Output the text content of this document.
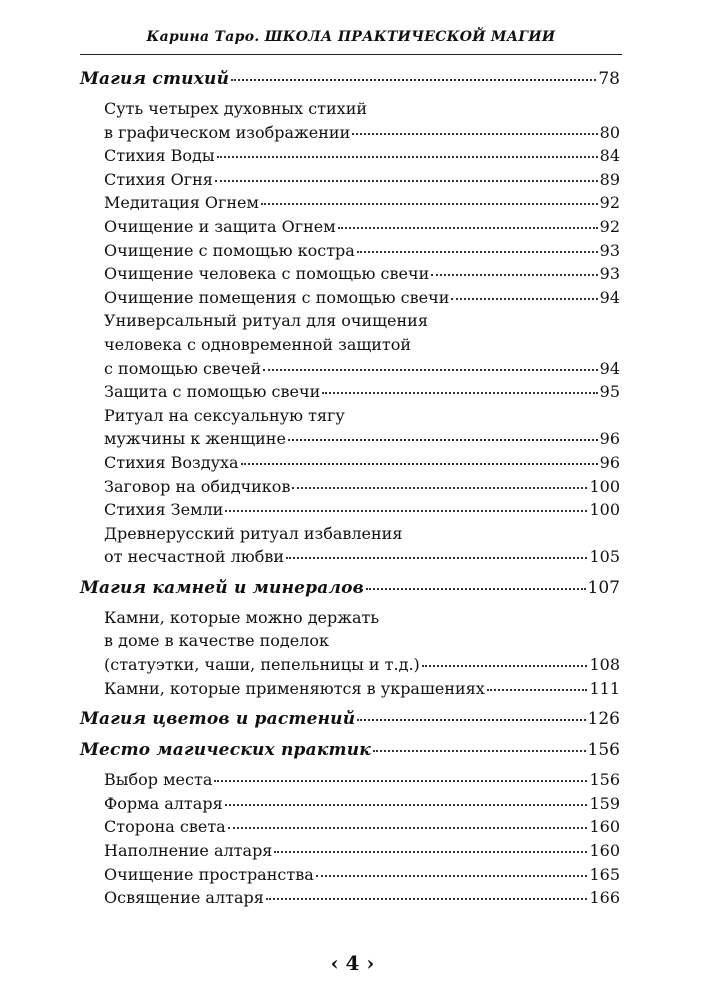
Карина Таро. ШКОЛА ПРАКТИЧЕСКОЙ МАГИИ
Магия стихий	78
Суть четырех духовных стихий
в графическом изображении	80
Стихия Воды	84
Стихия Огня	89
Медитация Огнем	92
Очищение и защита Огнем	92
Очищение с помощью костра	93
Очищение человека с помощью свечи	93
Очищение помещения с помощью свечи	94
Универсальный ритуал для очищения
человека с одновременной защитой
с помощью свечей	94
Защита с помощью свечи	95
Ритуал на сексуальную тягу
мужчины к женщине	96
Стихия Воздуха	96
Заговор на обидчиков	100
Стихия Земли	100
Древнерусский ритуал избавления
от несчастной любви	105
Магия камней и минералов	107
Камни, которые можно держать
в доме в качестве поделок
(статуэтки, чаши, пепельницы и т.д.)	108
Камни, которые применяются в украшениях	111
Магия цветов и растений	126
Место магических практик	156
Выбор места	156
Форма алтаря	159
Сторона света	160
Наполнение алтаря	160
Очищение пространства	165
Освящение алтаря	166
‹ 4 ›
